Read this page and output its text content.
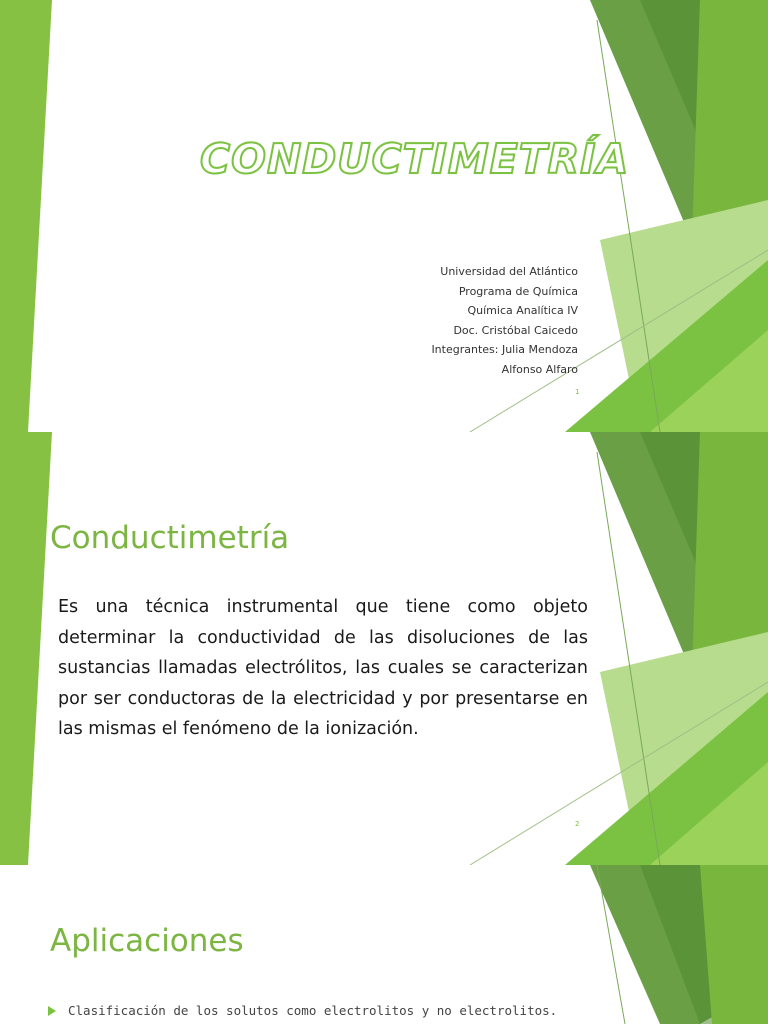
CONDUCTIMETRÍA
Universidad del Atlántico
Programa de Química
Química Analítica IV
Doc. Cristóbal Caicedo
Integrantes: Julia Mendoza
Alfonso Alfaro
1
Conductimetría
Es una técnica instrumental que tiene como objeto determinar la conductividad de las disoluciones de las sustancias llamadas electrólitos, las cuales se caracterizan por ser conductoras de la electricidad y por presentarse en las mismas el fenómeno de la ionización.
2
Aplicaciones
Clasificación de los solutos como electrolitos y no electrolitos.
